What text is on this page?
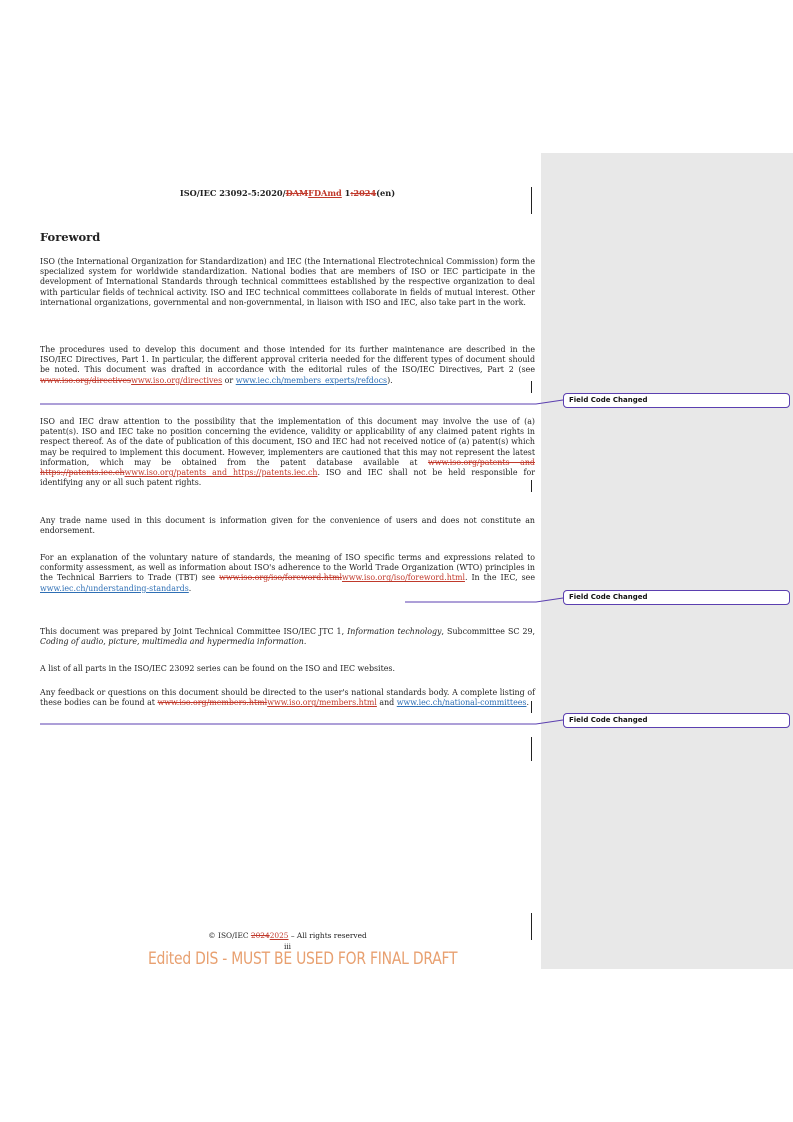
ISO/IEC 23092-5:2020/DAMFDAmd 1:2024(en)
Foreword

ISO (the International Organization for Standardization) and IEC (the International Electrotechnical Commission) form the specialized system for worldwide standardization. National bodies that are members of ISO or IEC participate in the development of International Standards through technical committees established by the respective organization to deal with particular fields of technical activity. ISO and IEC technical committees collaborate in fields of mutual interest. Other international organizations, governmental and non-governmental, in liaison with ISO and IEC, also take part in the work.

The procedures used to develop this document and those intended for its further maintenance are described in the ISO/IEC Directives, Part 1. In particular, the different approval criteria needed for the different types of document should be noted. This document was drafted in accordance with the editorial rules of the ISO/IEC Directives, Part 2 (see www.iso.org/directiveswww.iso.org/directives or www.iec.ch/members_experts/refdocs).

ISO and IEC draw attention to the possibility that the implementation of this document may involve the use of (a) patent(s). ISO and IEC take no position concerning the evidence, validity or applicability of any claimed patent rights in respect thereof. As of the date of publication of this document, ISO and IEC had not received notice of (a) patent(s) which may be required to implement this document. However, implementers are cautioned that this may not represent the latest information, which may be obtained from the patent database available at www.iso.org/patents and https://patents.iec.chwww.iso.org/patents and https://patents.iec.ch. ISO and IEC shall not be held responsible for identifying any or all such patent rights.

Any trade name used in this document is information given for the convenience of users and does not constitute an endorsement.

For an explanation of the voluntary nature of standards, the meaning of ISO specific terms and expressions related to conformity assessment, as well as information about ISO's adherence to the World Trade Organization (WTO) principles in the Technical Barriers to Trade (TBT) see www.iso.org/iso/foreword.htmlwww.iso.org/iso/foreword.html. In the IEC, see www.iec.ch/understanding-standards.

This document was prepared by Joint Technical Committee ISO/IEC JTC 1, Information technology, Subcommittee SC 29, Coding of audio, picture, multimedia and hypermedia information.

A list of all parts in the ISO/IEC 23092 series can be found on the ISO and IEC websites.

Any feedback or questions on this document should be directed to the user's national standards body. A complete listing of these bodies can be found at www.iso.org/members.htmlwww.iso.org/members.html and www.iec.ch/national-committees.

Field Code Changed
Field Code Changed
Field Code Changed
© ISO/IEC 20242025 – All rights reserved
iii
Edited DIS - MUST BE USED FOR FINAL DRAFT
